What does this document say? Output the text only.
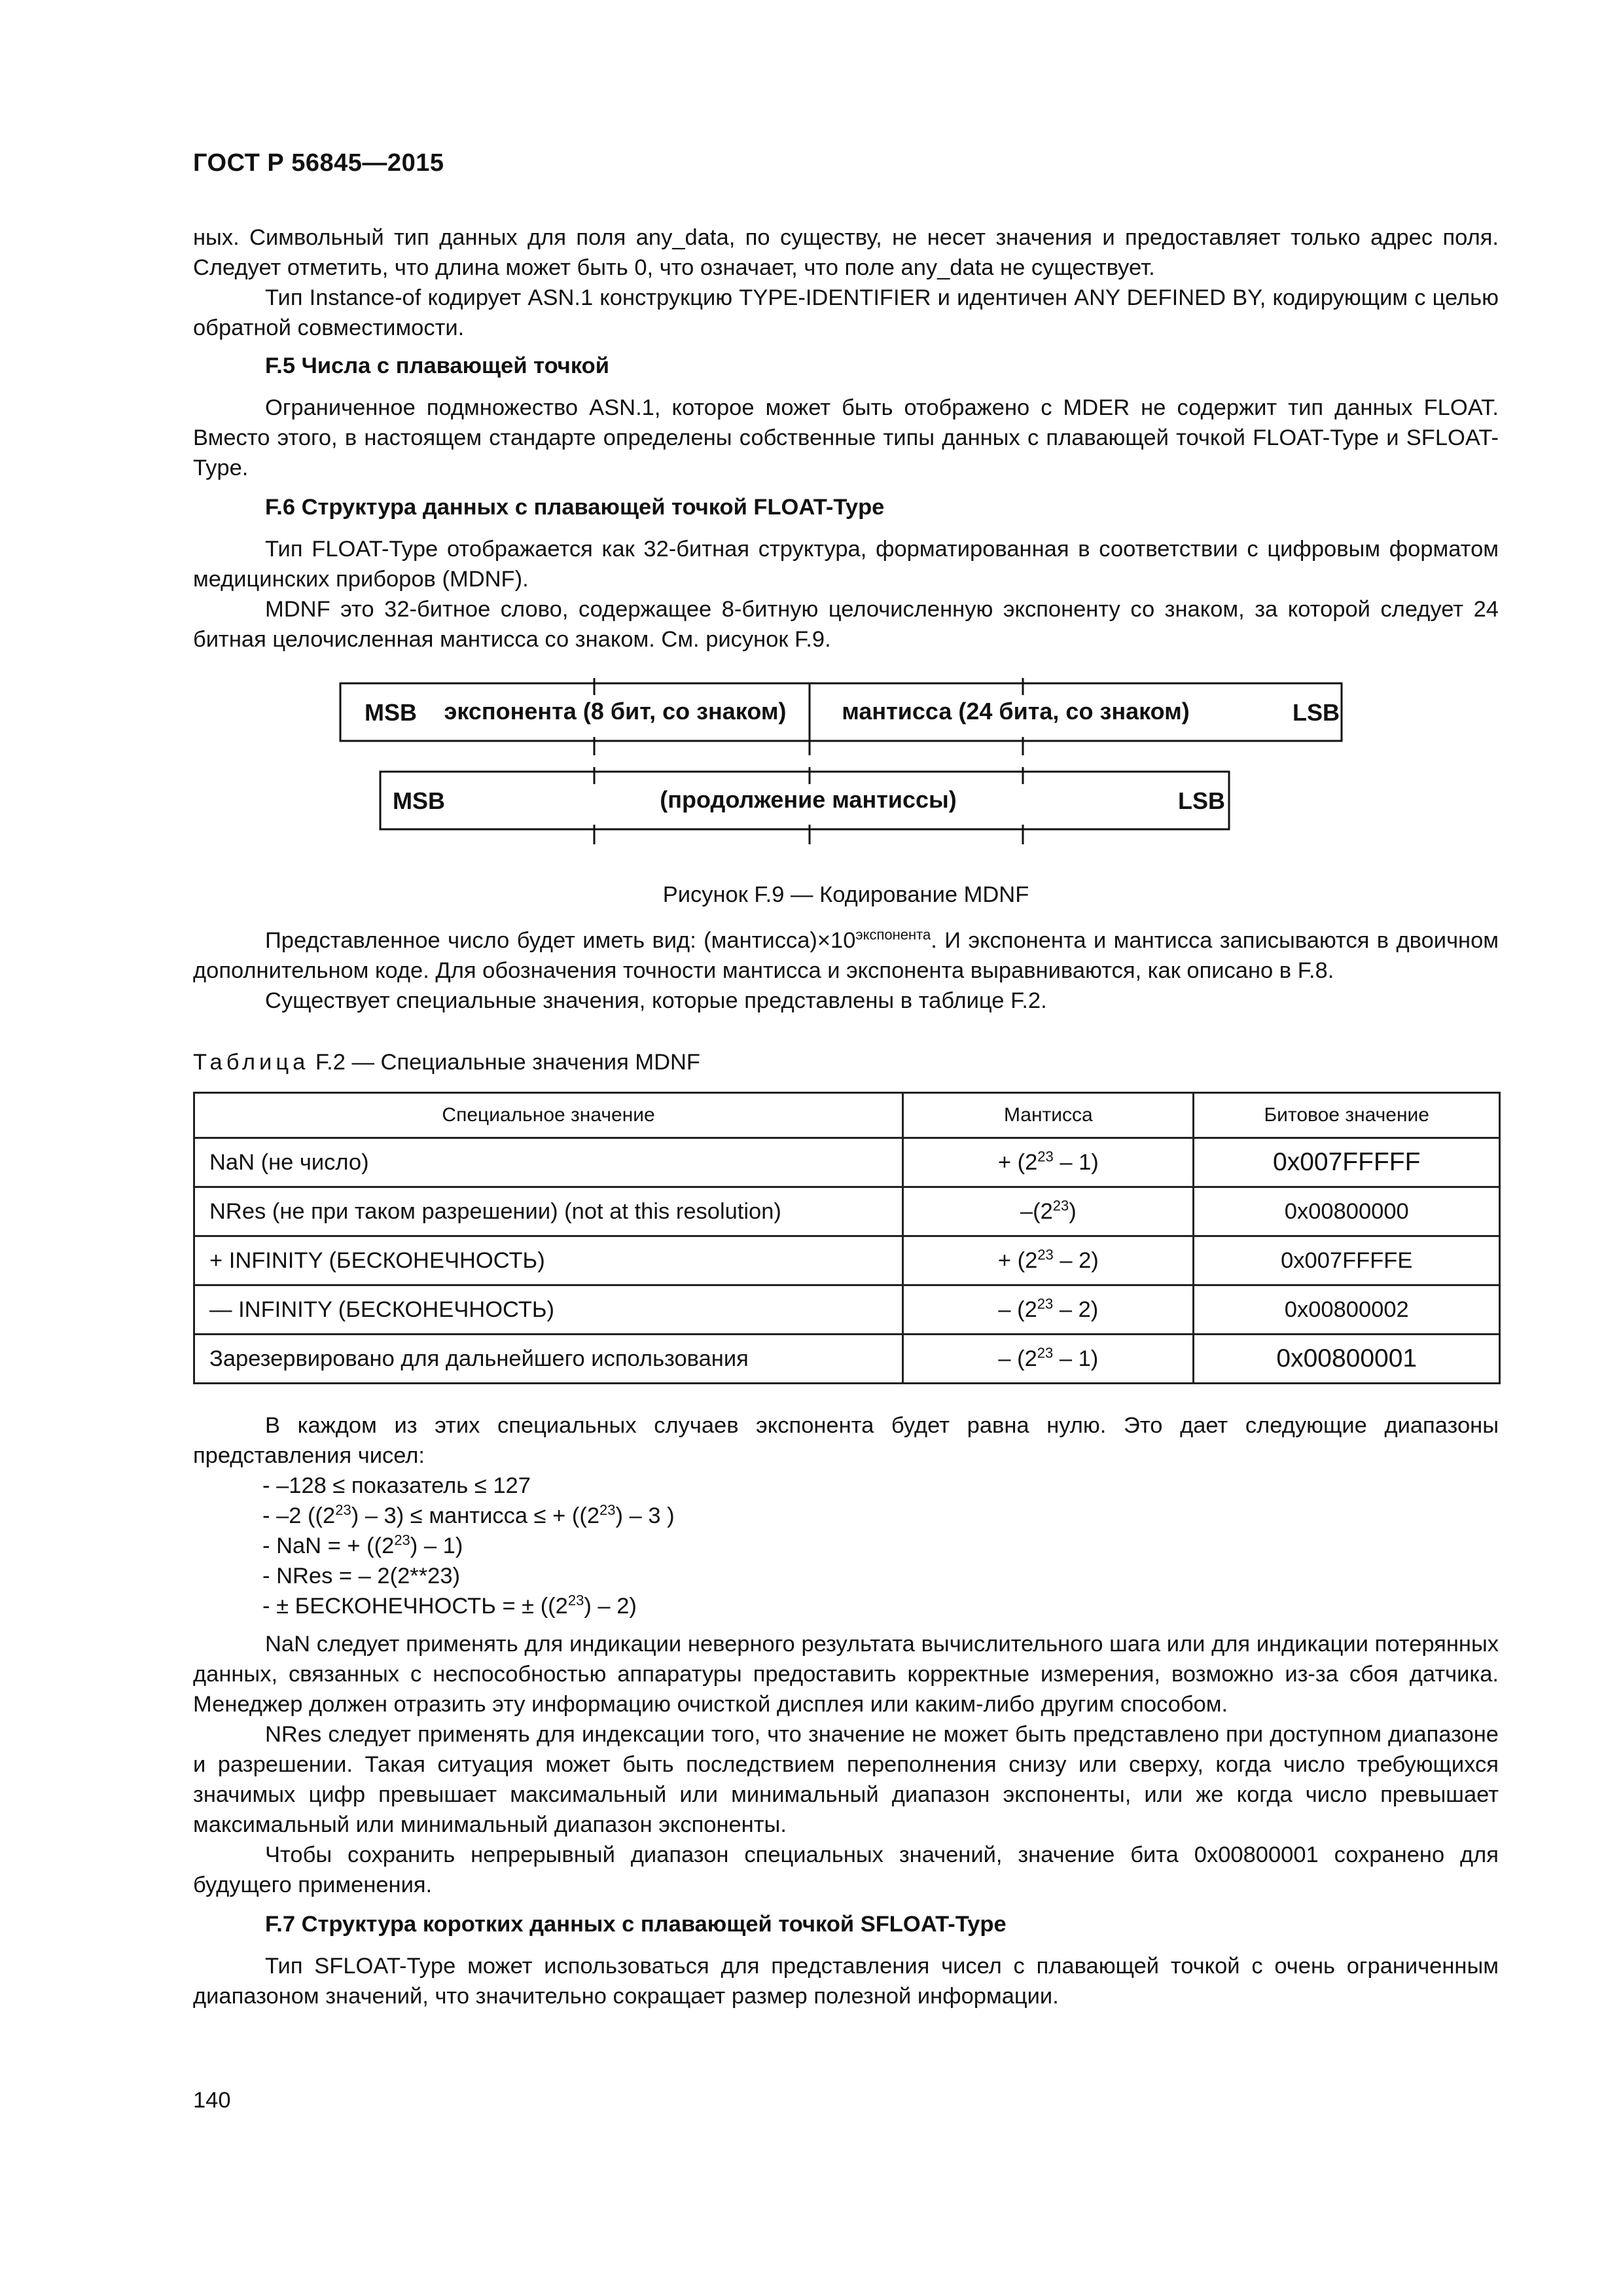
ГОСТ Р 56845—2015

ных. Символьный тип данных для поля any_data, по существу, не несет значения и предоставляет только адрес поля. Следует отметить, что длина может быть 0, что означает, что поле any_data не существует.

Тип Instance-of кодирует ASN.1 конструкцию TYPE-IDENTIFIER и идентичен ANY DEFINED BY, кодирующим с целью обратной совместимости.

F.5 Числа с плавающей точкой

Ограниченное подмножество ASN.1, которое может быть отображено с MDER не содержит тип данных FLOAT. Вместо этого, в настоящем стандарте определены собственные типы данных с плавающей точкой FLOAT-Type и SFLOAT-Type.

F.6 Структура данных с плавающей точкой FLOAT-Type

Тип FLOAT-Type отображается как 32-битная структура, форматированная в соответствии с цифровым форматом медицинских приборов (MDNF).

MDNF это 32-битное слово, содержащее 8-битную целочисленную экспоненту со знаком, за которой следует 24 битная целочисленная мантисса со знаком. См. рисунок F.9.

MSB экспонента (8 бит, со знаком) мантисса (24 бита, со знаком)	LSB
MSB	(продолжение мантиссы)	LSB
Рисунок F.9 — Кодирование MDNF

Представленное число будет иметь вид: $(мантисса)\times 10^{экспонента}$. И экспонента и мантисса записываются в двоичном дополнительном коде. Для обозначения точности мантисса и экспонента выравниваются, как описано в F.8.

Существует специальные значения, которые представлены в таблице F.2.

Таблица F.2 — Специальные значения MDNF
Специальное значение	Мантисса	Битовое значение
NaN (не число)	+ $(2^{23} - 1)$	0x007FFFFF
NRes (не при таком разрешении) (not at this resolution)	$-(2^{23})$	0x00800000
+ INFINITY (БЕСКОНЕЧНОСТЬ)	+ $(2^{23} - 2)$	0x007FFFFE
— INFINITY (БЕСКОНЕЧНОСТЬ)	– $(2^{23} - 2)$	0x00800002
Зарезервировано для дальнейшего использования	– $(2^{23} - 1)$	0x00800001

В каждом из этих специальных случаев экспонента будет равна нулю. Это дает следующие диапазоны представления чисел:

- –128 ≤ показатель ≤ 127
- –2 $((2^{23}) - 3)$ ≤ мантисса ≤ + ($(2^{23}) - 3$ )
- NaN = + $((2^{23}) - 1)$
- NRes = – 2(2**23)
- ± БЕСКОНЕЧНОСТЬ = ± $((2^{23}) - 2)$

NaN следует применять для индикации неверного результата вычислительного шага или для индикации потерянных данных, связанных с неспособностью аппаратуры предоставить корректные измерения, возможно из-за сбоя датчика. Менеджер должен отразить эту информацию очисткой дисплея или каким-либо другим способом.

NRes следует применять для индексации того, что значение не может быть представлено при доступном диапазоне и разрешении. Такая ситуация может быть последствием переполнения снизу или сверху, когда число требующихся значимых цифр превышает максимальный или минимальный диапазон экспоненты, или же когда число превышает максимальный или минимальный диапазон экспоненты.

Чтобы сохранить непрерывный диапазон специальных значений, значение бита 0x00800001 сохранено для будущего применения.

F.7 Структура коротких данных с плавающей точкой SFLOAT-Type

Тип SFLOAT-Type может использоваться для представления чисел с плавающей точкой с очень ограниченным диапазоном значений, что значительно сокращает размер полезной информации.

140
